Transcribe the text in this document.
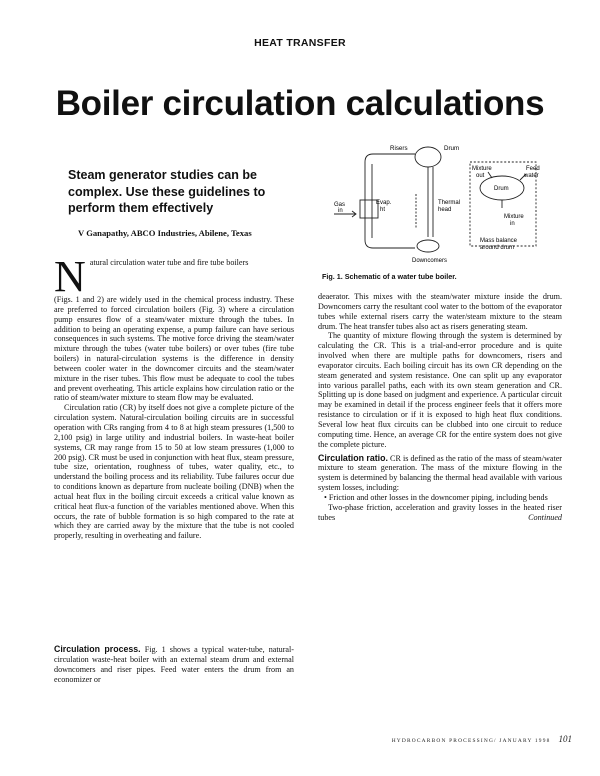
HEAT TRANSFER
Boiler circulation calculations

Steam generator studies can be complex. Use these guidelines to perform them effectively

V Ganapathy, ABCO Industries, Abilene, Texas
Risers	Drum
Mixture
out
Feed
water
Drum
Gas
in
Evap.
ht
Thermal
head
Mixture
in
Mass balance
around drum
Downcomers
Fig. 1. Schematic of a water tube boiler.

Natural circulation water tube and fire tube boilers

(Figs. 1 and 2) are widely used in the chemical process industry. These are preferred to forced circulation boilers (Fig. 3) where a circulation pump ensures flow of a steam/water mixture through the tubes. In addition to being an operating expense, a pump failure can have serious consequences in such systems. The motive force driving the steam/water mixture through the tubes (water tube boilers) or over tubes (fire tube boilers) in natural-circulation systems is the difference in density between cooler water in the downcomer circuits and the steam/water mixture in the riser tubes. This flow must be adequate to cool the tubes and prevent overheating. This article explains how circulation ratio or the ratio of steam/water mixture to steam flow may be evaluated.

Circulation ratio (CR) by itself does not give a complete picture of the circulation system. Natural-circulation boiling circuits are in successful operation with CRs ranging from 4 to 8 at high steam pressures (1,500 to 2,100 psig) in large utility and industrial boilers. In waste-heat boiler systems, CR may range from 15 to 50 at low steam pressures (1,000 to 200 psig). CR must be used in conjunction with heat flux, steam pressure, tube size, orientation, roughness of tubes, water quality, etc., to understand the boiling process and its reliability. Tube failures occur due to conditions known as departure from nucleate boiling (DNB) when the actual heat flux in the boiling circuit exceeds a critical value known as critical heat flux-a function of the variables mentioned above. When this occurs, the rate of bubble formation is so high compared to the rate at which they are carried away by the mixture that the tube is not cooled properly, resulting in overheating and failure.

Circulation process. Fig. 1 shows a typical water-tube, natural-circulation waste-heat boiler with an external steam drum and external downcomers and riser pipes. Feed water enters the drum from an economizer or

deaerator. This mixes with the steam/water mixture inside the drum. Downcomers carry the resultant cool water to the bottom of the evaporator tubes while external risers carry the water/steam mixture to the steam drum. The heat transfer tubes also act as risers generating steam.

The quantity of mixture flowing through the system is determined by calculating the CR. This is a trial-and-error procedure and is quite involved when there are multiple paths for downcomers, risers and evaporator circuits. Each boiling circuit has its own CR depending on the steam generated and system resistance. One can split up any evaporator into various parallel paths, each with its own steam generation and CR. Splitting up is done based on judgment and experience. A particular circuit may be examined in detail if the process engineer feels that it offers more resistance to circulation or if it is exposed to high heat flux conditions. Several low heat flux circuits can be clubbed into one circuit to reduce computing time. Hence, an average CR for the entire system does not give the complete picture.

Circulation ratio. CR is defined as the ratio of the mass of steam/water mixture to steam generation. The mass of the mixture flowing in the system is determined by balancing the thermal head available with various system losses, including:

• Friction and other losses in the downcomer piping, including bends

Two-phase friction, acceleration and gravity losses in the heated riser tubes	Continued

HYDROCARBON PROCESSING/ JANUARY 1998 101
